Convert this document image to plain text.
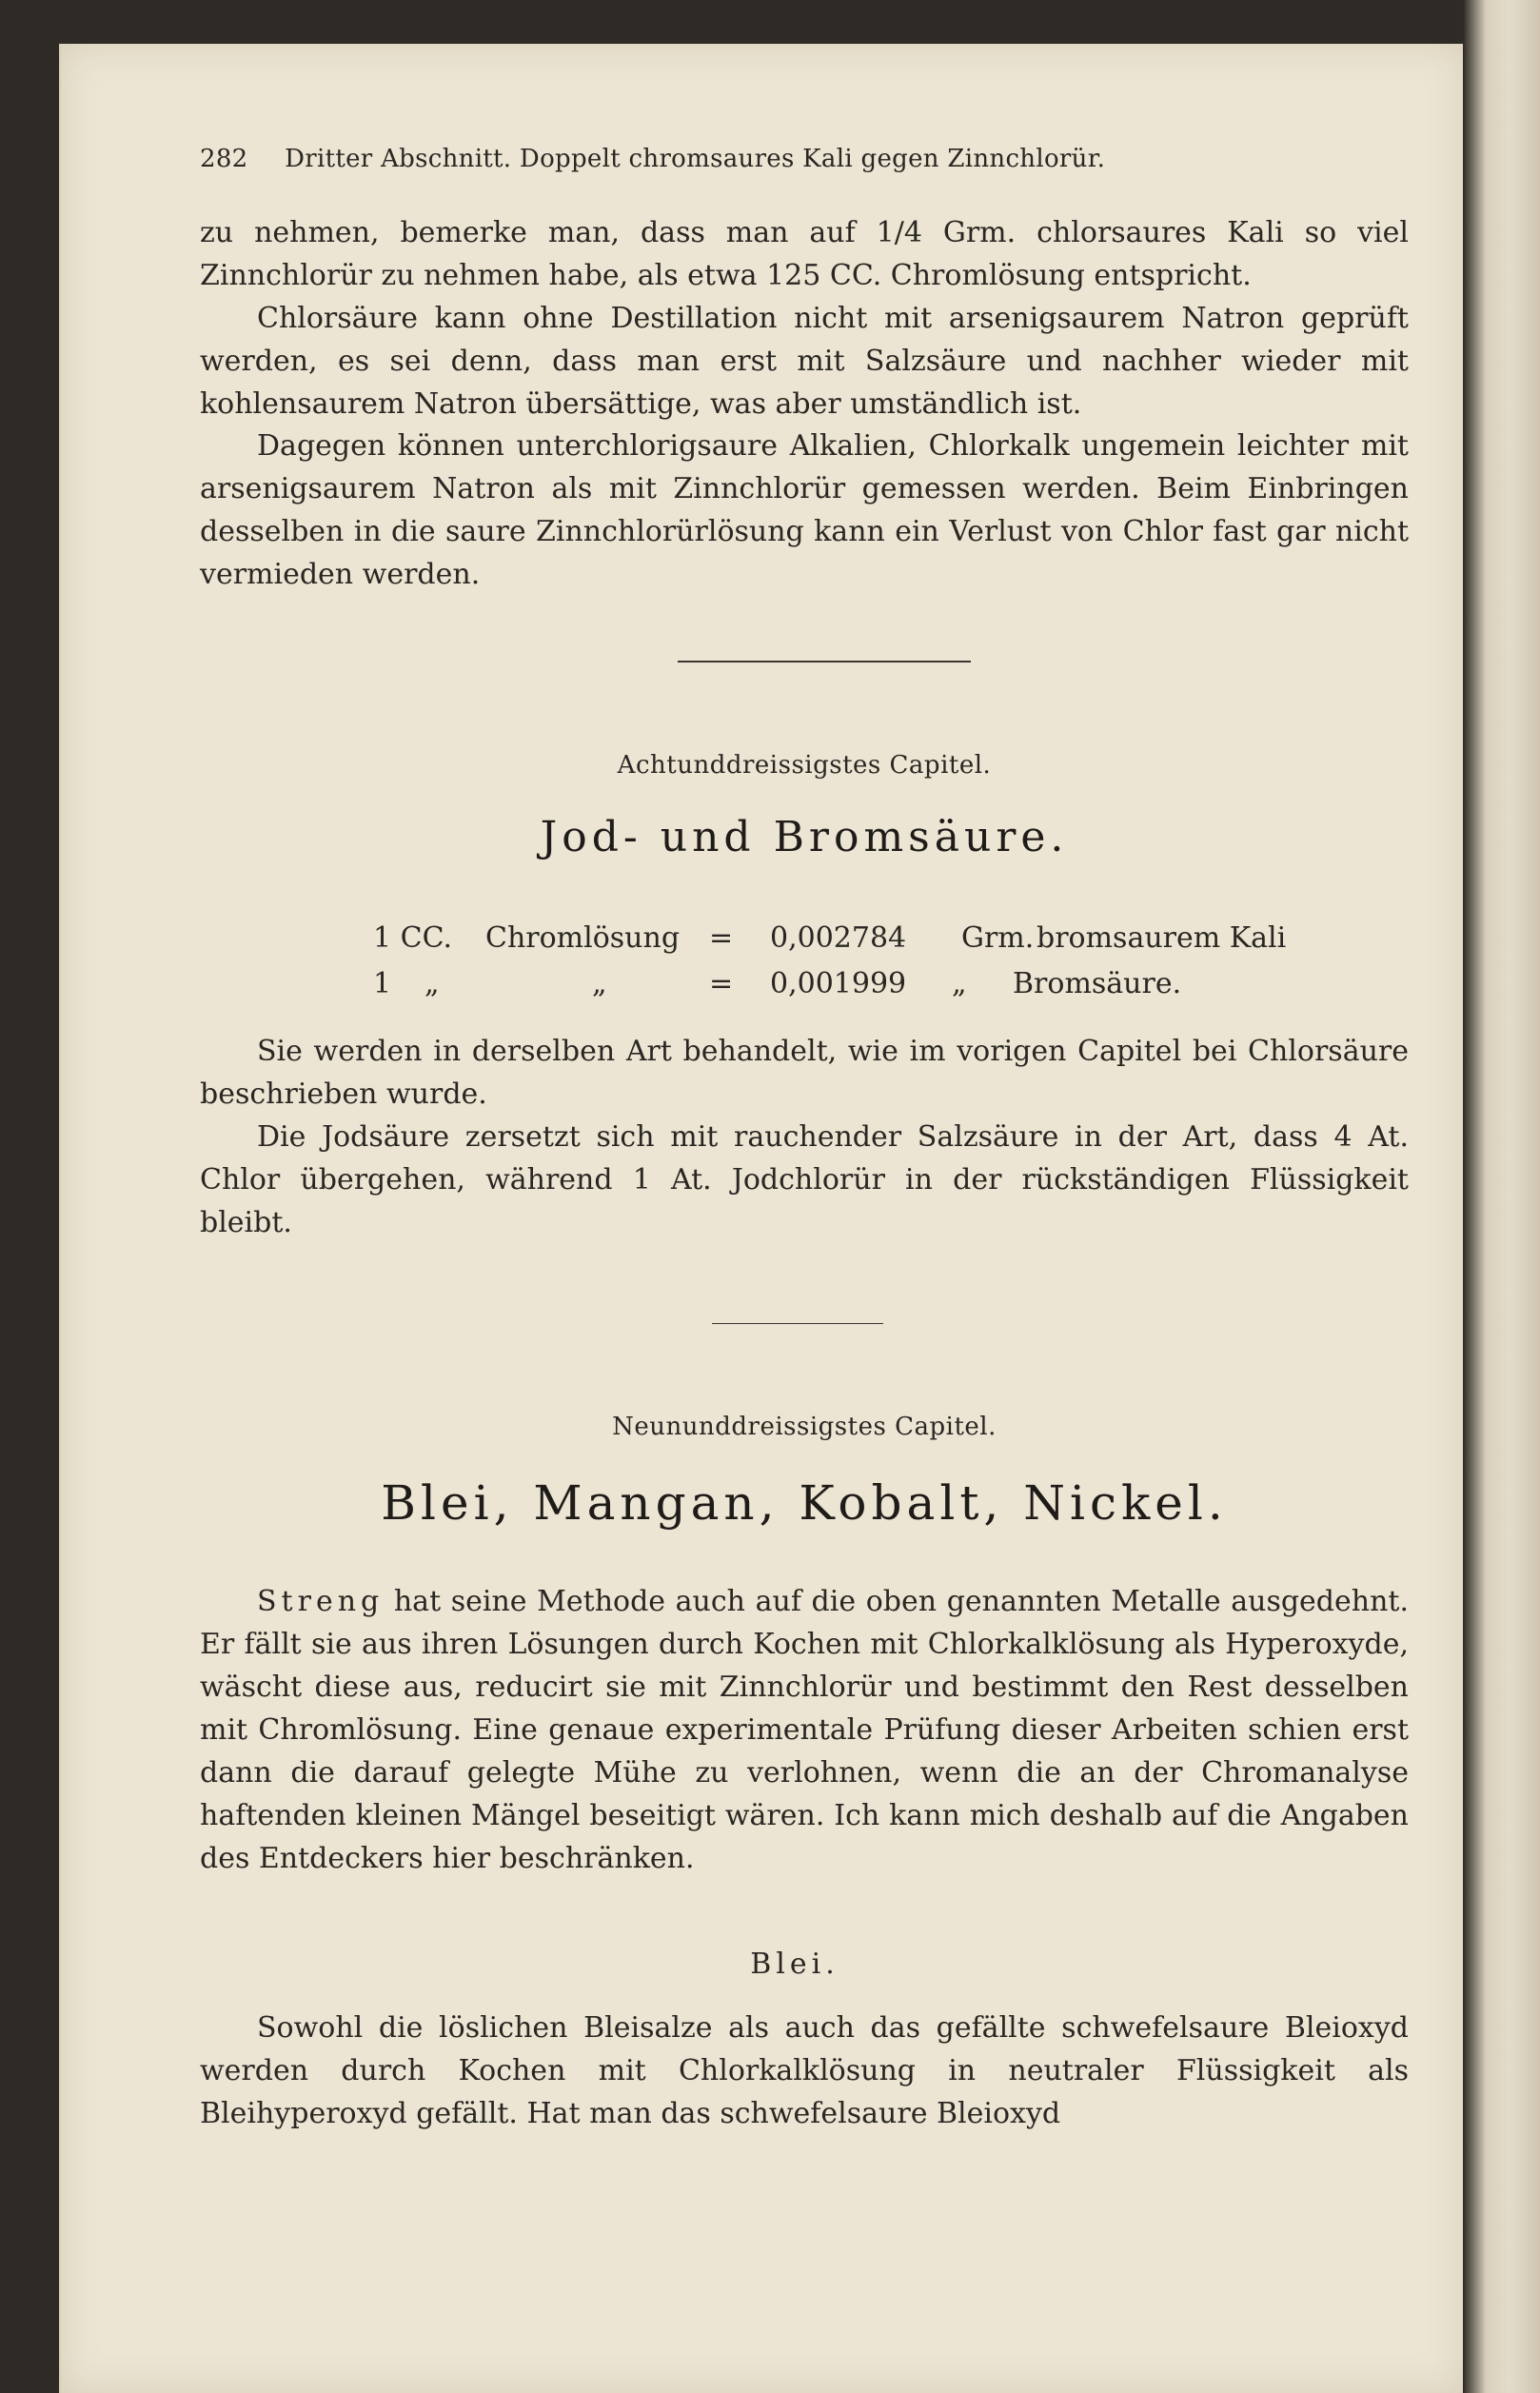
282 Dritter Abschnitt. Doppelt chromsaures Kali gegen Zinnchlorür.

zu nehmen, bemerke man, dass man auf 1/4 Grm. chlorsaures Kali so viel Zinnchlorür zu nehmen habe, als etwa 125 CC. Chromlösung entspricht.

Chlorsäure kann ohne Destillation nicht mit arsenigsaurem Natron geprüft werden, es sei denn, dass man erst mit Salzsäure und nachher wieder mit kohlensaurem Natron übersättige, was aber umständlich ist.

Dagegen können unterchlorigsaure Alkalien, Chlorkalk ungemein leichter mit arsenigsaurem Natron als mit Zinnchlorür gemessen werden. Beim Einbringen desselben in die saure Zinnchlorürlösung kann ein Verlust von Chlor fast gar nicht vermieden werden.

Achtunddreissigstes Capitel.
Jod- und Bromsäure.
1 CC. Chromlösung = 0,002784 Grm. bromsaurem Kali
1 „	„	= 0,001999 „ Bromsäure.

Sie werden in derselben Art behandelt, wie im vorigen Capitel bei Chlorsäure beschrieben wurde.

Die Jodsäure zersetzt sich mit rauchender Salzsäure in der Art, dass 4 At. Chlor übergehen, während 1 At. Jodchlorür in der rückständigen Flüssigkeit bleibt.

Neununddreissigstes Capitel.
Blei, Mangan, Kobalt, Nickel.

Streng hat seine Methode auch auf die oben genannten Metalle ausgedehnt. Er fällt sie aus ihren Lösungen durch Kochen mit Chlorkalklösung als Hyperoxyde, wäscht diese aus, reducirt sie mit Zinnchlorür und bestimmt den Rest desselben mit Chromlösung. Eine genaue experimentale Prüfung dieser Arbeiten schien erst dann die darauf gelegte Mühe zu verlohnen, wenn die an der Chromanalyse haftenden kleinen Mängel beseitigt wären. Ich kann mich deshalb auf die Angaben des Entdeckers hier beschränken.

Blei.

Sowohl die löslichen Bleisalze als auch das gefällte schwefelsaure Bleioxyd werden durch Kochen mit Chlorkalklösung in neutraler Flüssigkeit als Bleihyperoxyd gefällt. Hat man das schwefelsaure Bleioxyd
